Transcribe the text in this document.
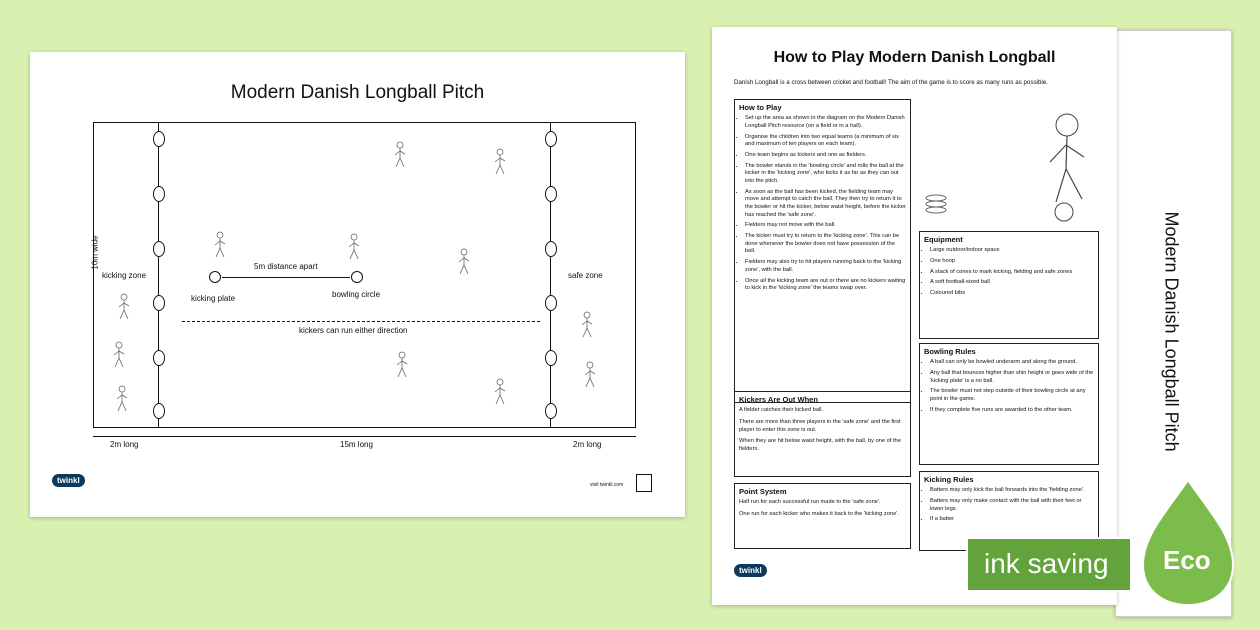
Modern Danish Longball Pitch
Modern Danish Longball Pitch
10m wide
kicking zone	safe zone
5m distance apart
kicking plate	bowling circle
kickers can run either direction
2m long	15m long	2m long
twinkl	visit twinkl.com
How to Play Modern Danish Longball
Danish Longball is a cross between cricket and football! The aim of the game is to score as many runs as possible.
How to Play
• Set up the area as shown in the diagram on the Modern Danish Longball Pitch resource (on a field or in a hall).
• Organise the children into two equal teams (a minimum of six and maximum of ten players on each team).
• One team begins as kickers and one as fielders.
• The bowler stands in the 'bowling circle' and rolls the ball at the kicker in the 'kicking zone', who kicks it as far as they can out into the pitch.
• As soon as the ball has been kicked, the fielding team may move and attempt to catch the ball. They then try to return it to the bowler or hit the kicker, below waist height, before the kicker has reached the 'safe zone'.
• Fielders may not move with the ball.
• The kicker must try to return to the 'kicking zone'. This can be done whenever the bowler does not have possession of the ball.
• Fielders may also try to hit players running back to the 'kicking zone', with the ball.
• Once all the kicking team are out or there are no kickers waiting to kick in the 'kicking zone' the teams swap over.
Kickers Are Out When

A fielder catches their kicked ball.

There are more than three players in the 'safe zone' and the first player to enter this zone is out.

When they are hit below waist height, with the ball, by one of the fielders.

Point System

Half run for each successful run made to the 'safe zone'.

One run for each kicker who makes it back to the 'kicking zone'.

Equipment
• Large outdoor/indoor space
• One hoop
• A stack of cones to mark kicking, fielding and safe zones
• A soft football-sized ball
• Coloured bibs
Bowling Rules
• A ball can only be bowled underarm and along the ground.
• Any ball that bounces higher than shin height or goes wide of the 'kicking plate' is a no ball.
• The bowler must not step outside of their bowling circle at any point in the game.
• If they complete five runs are awarded to the other team.
Kicking Rules
• Batters may only kick the ball forwards into the 'fielding zone'.
• Batters may only make contact with the ball with their feet or lower legs.
• If a batter
twinkl	ink saving	Eco
